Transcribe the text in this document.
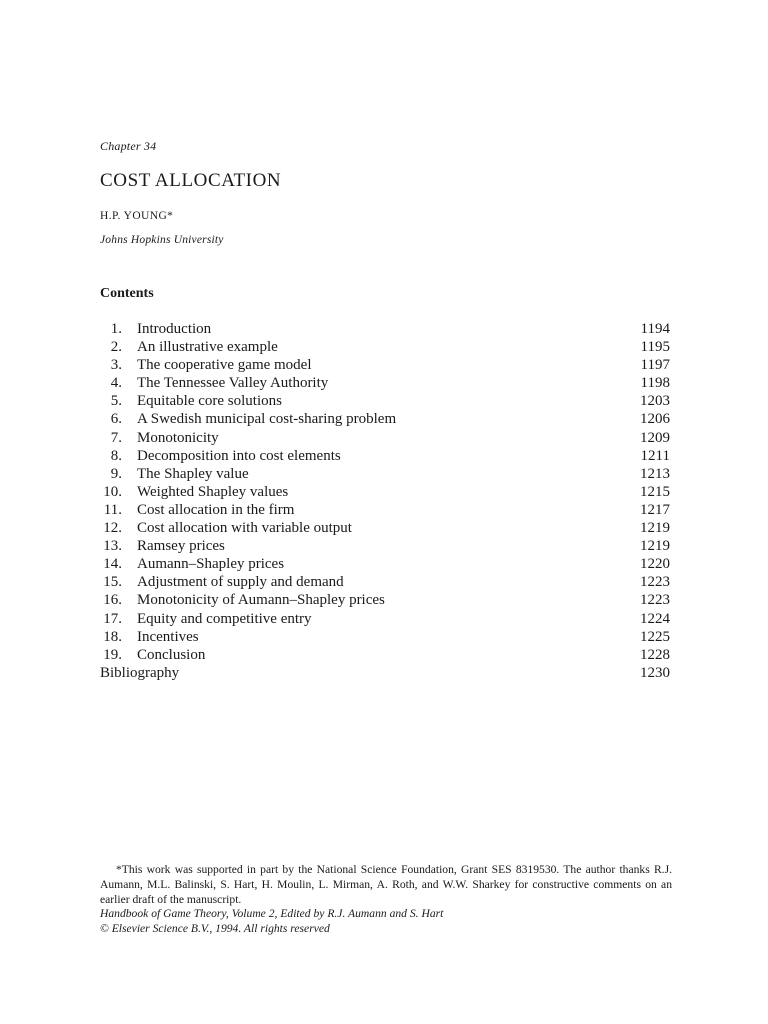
Chapter 34
COST ALLOCATION
H.P. YOUNG*
Johns Hopkins University
Contents
1. Introduction	1194
2. An illustrative example	1195
3. The cooperative game model	1197
4. The Tennessee Valley Authority	1198
5. Equitable core solutions	1203
6. A Swedish municipal cost-sharing problem	1206
7. Monotonicity	1209
8. Decomposition into cost elements	1211
9. The Shapley value	1213
10. Weighted Shapley values	1215
11. Cost allocation in the firm	1217
12. Cost allocation with variable output	1219
13. Ramsey prices	1219
14. Aumann–Shapley prices	1220
15. Adjustment of supply and demand	1223
16. Monotonicity of Aumann–Shapley prices	1223
17. Equity and competitive entry	1224
18. Incentives	1225
19. Conclusion	1228
Bibliography	1230

*This work was supported in part by the National Science Foundation, Grant SES 8319530. The author thanks R.J. Aumann, M.L. Balinski, S. Hart, H. Moulin, L. Mirman, A. Roth, and W.W. Sharkey for constructive comments on an earlier draft of the manuscript.

Handbook of Game Theory, Volume 2, Edited by R.J. Aumann and S. Hart
© Elsevier Science B.V., 1994. All rights reserved
